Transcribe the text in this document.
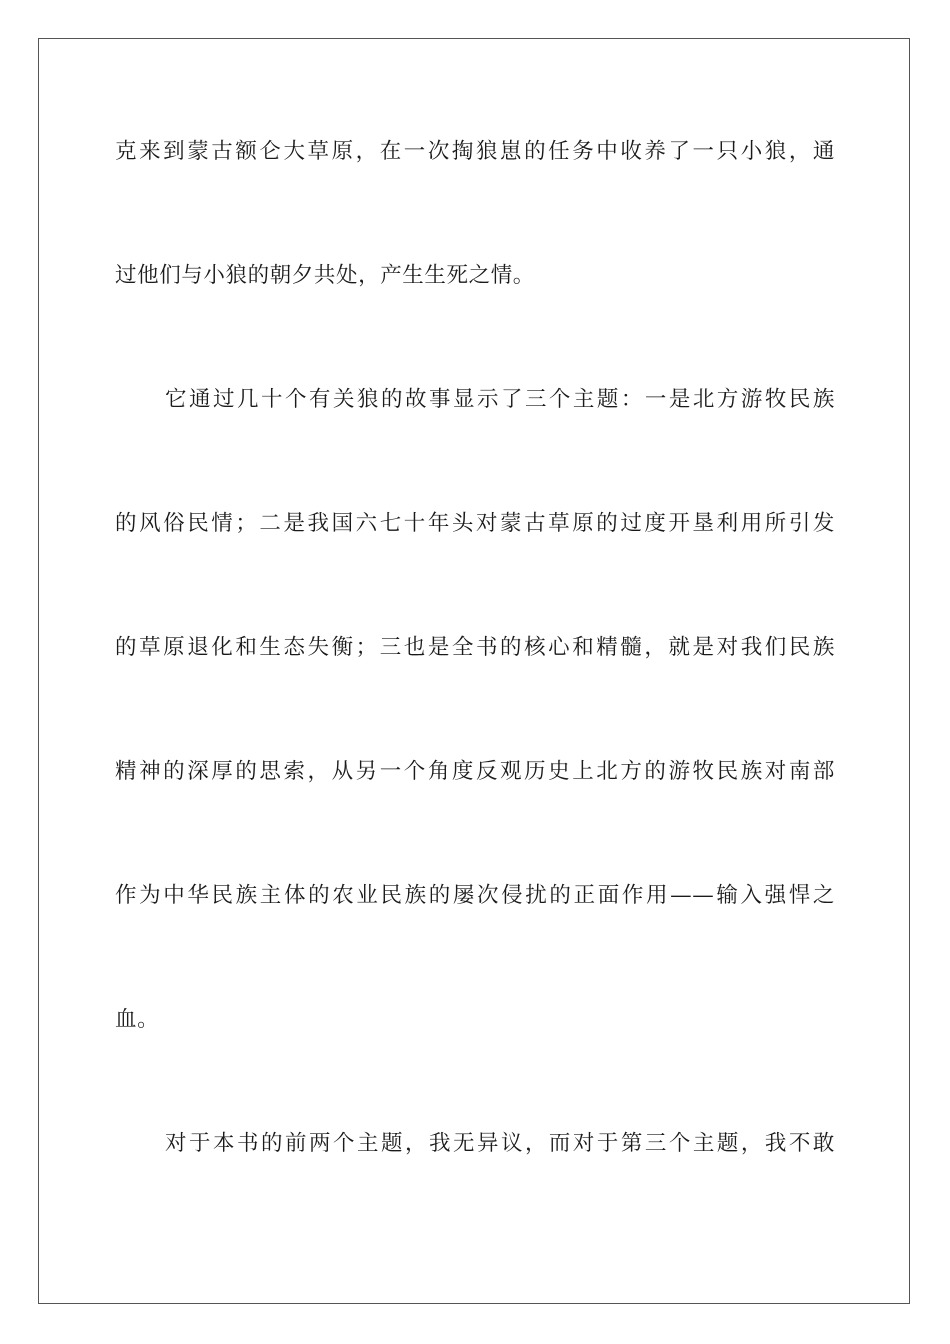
克来到蒙古额仑大草原，在一次掏狼崽的任务中收养了一只小狼，通
过他们与小狼的朝夕共处，产生生死之情。
它通过几十个有关狼的故事显示了三个主题：一是北方游牧民族
的风俗民情；二是我国六七十年头对蒙古草原的过度开垦利用所引发
的草原退化和生态失衡；三也是全书的核心和精髓，就是对我们民族
精神的深厚的思索，从另一个角度反观历史上北方的游牧民族对南部
作为中华民族主体的农业民族的屡次侵扰的正面作用——输入强悍之
血。
对于本书的前两个主题，我无异议，而对于第三个主题，我不敢
